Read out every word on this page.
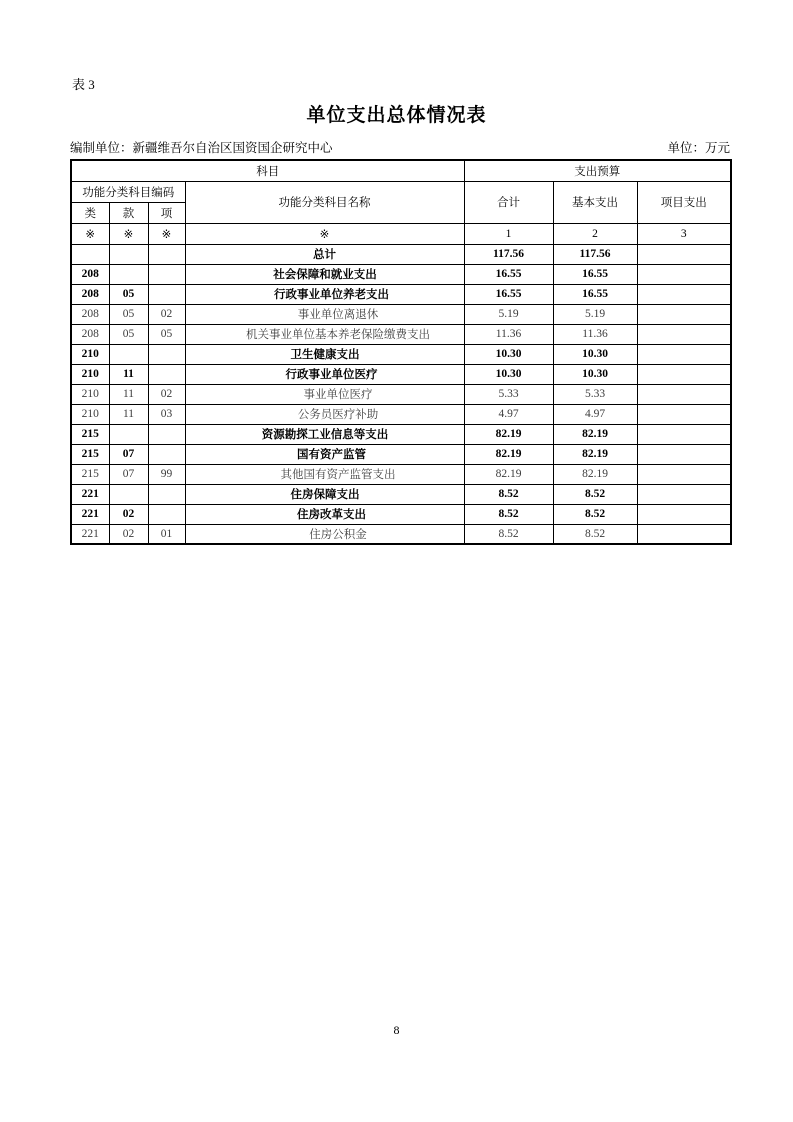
表 3
单位支出总体情况表
编制单位：新疆维吾尔自治区国资国企研究中心	单位：万元
科目				支出预算		
功能分类科目编码			功能分类科目名称	合计	基本支出	项目支出
类	款	项				
※	※	※	※	1	2	3
			总计	117.56	117.56	
208			社会保障和就业支出	16.55	16.55	
208	05		行政事业单位养老支出	16.55	16.55	
208	05	02	事业单位离退休	5.19	5.19	
208	05	05	机关事业单位基本养老保险缴费支出	11.36	11.36	
210			卫生健康支出	10.30	10.30	
210	11		行政事业单位医疗	10.30	10.30	
210	11	02	事业单位医疗	5.33	5.33	
210	11	03	公务员医疗补助	4.97	4.97	
215			资源勘探工业信息等支出	82.19	82.19	
215	07		国有资产监管	82.19	82.19	
215	07	99	其他国有资产监管支出	82.19	82.19	
221			住房保障支出	8.52	8.52	
221	02		住房改革支出	8.52	8.52	
221	02	01	住房公积金	8.52	8.52	
8
